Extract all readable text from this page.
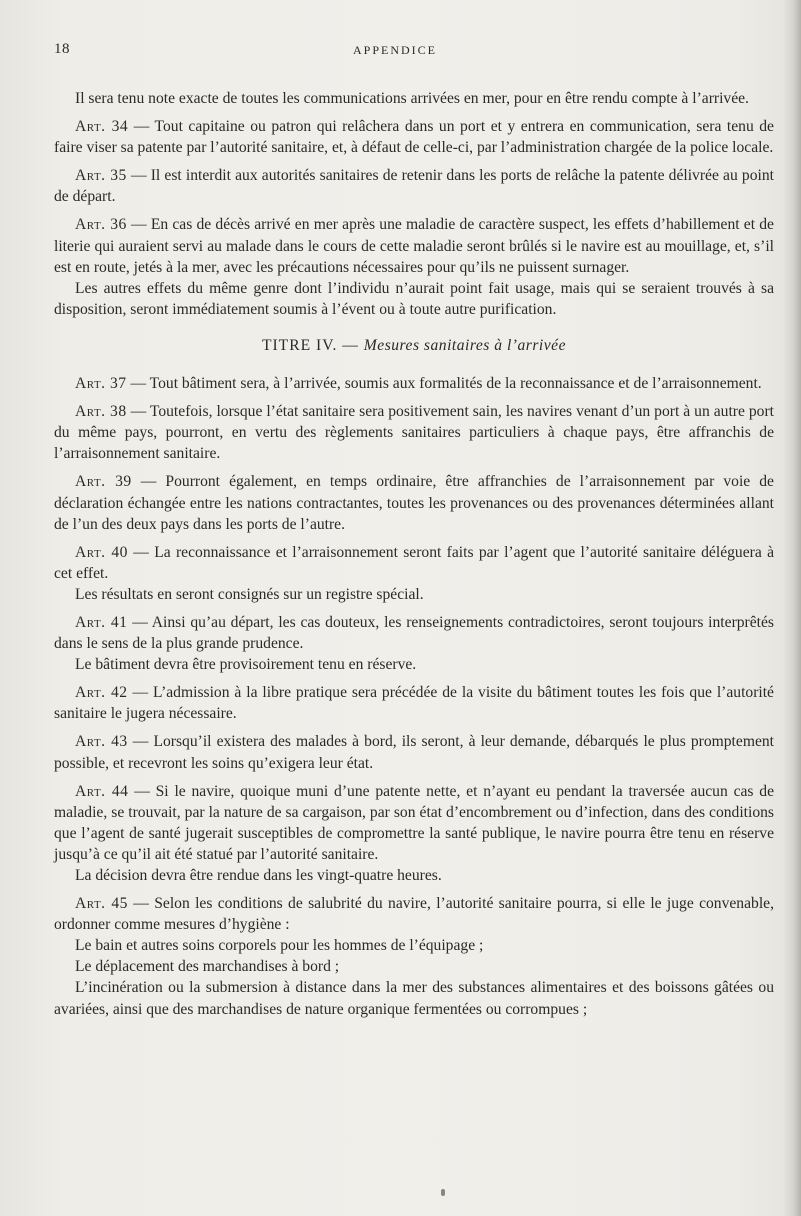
18	APPENDICE

Il sera tenu note exacte de toutes les communications arrivées en mer, pour en être rendu compte à l’arrivée.

Art. 34 — Tout capitaine ou patron qui relâchera dans un port et y entrera en communication, sera tenu de faire viser sa patente par l’autorité sanitaire, et, à défaut de celle-ci, par l’administration chargée de la police locale.

Art. 35 — Il est interdit aux autorités sanitaires de retenir dans les ports de relâche la patente délivrée au point de départ.

Art. 36 — En cas de décès arrivé en mer après une maladie de caractère suspect, les effets d’habillement et de literie qui auraient servi au malade dans le cours de cette maladie seront brûlés si le navire est au mouillage, et, s’il est en route, jetés à la mer, avec les précautions nécessaires pour qu’ils ne puissent surnager.

Les autres effets du même genre dont l’individu n’aurait point fait usage, mais qui se seraient trouvés à sa disposition, seront immédiatement soumis à l’évent ou à toute autre purification.

TITRE IV. — Mesures sanitaires à l’arrivée

Art. 37 — Tout bâtiment sera, à l’arrivée, soumis aux formalités de la reconnaissance et de l’arraisonnement.

Art. 38 — Toutefois, lorsque l’état sanitaire sera positivement sain, les navires venant d’un port à un autre port du même pays, pourront, en vertu des règlements sanitaires particuliers à chaque pays, être affranchis de l’arraisonnement sanitaire.

Art. 39 — Pourront également, en temps ordinaire, être affranchies de l’arraisonnement par voie de déclaration échangée entre les nations contractantes, toutes les provenances ou des provenances déterminées allant de l’un des deux pays dans les ports de l’autre.

Art. 40 — La reconnaissance et l’arraisonnement seront faits par l’agent que l’autorité sanitaire déléguera à cet effet.

Les résultats en seront consignés sur un registre spécial.

Art. 41 — Ainsi qu’au départ, les cas douteux, les renseignements contradictoires, seront toujours interprêtés dans le sens de la plus grande prudence.

Le bâtiment devra être provisoirement tenu en réserve.

Art. 42 — L’admission à la libre pratique sera précédée de la visite du bâtiment toutes les fois que l’autorité sanitaire le jugera nécessaire.

Art. 43 — Lorsqu’il existera des malades à bord, ils seront, à leur demande, débarqués le plus promptement possible, et recevront les soins qu’exigera leur état.

Art. 44 — Si le navire, quoique muni d’une patente nette, et n’ayant eu pendant la traversée aucun cas de maladie, se trouvait, par la nature de sa cargaison, par son état d’encombrement ou d’infection, dans des conditions que l’agent de santé jugerait susceptibles de compromettre la santé publique, le navire pourra être tenu en réserve jusqu’à ce qu’il ait été statué par l’autorité sanitaire.

La décision devra être rendue dans les vingt-quatre heures.

Art. 45 — Selon les conditions de salubrité du navire, l’autorité sanitaire pourra, si elle le juge convenable, ordonner comme mesures d’hygiène :

Le bain et autres soins corporels pour les hommes de l’équipage ;

Le déplacement des marchandises à bord ;

L’incinération ou la submersion à distance dans la mer des substances alimentaires et des boissons gâtées ou avariées, ainsi que des marchandises de nature organique fermentées ou corrompues ;
